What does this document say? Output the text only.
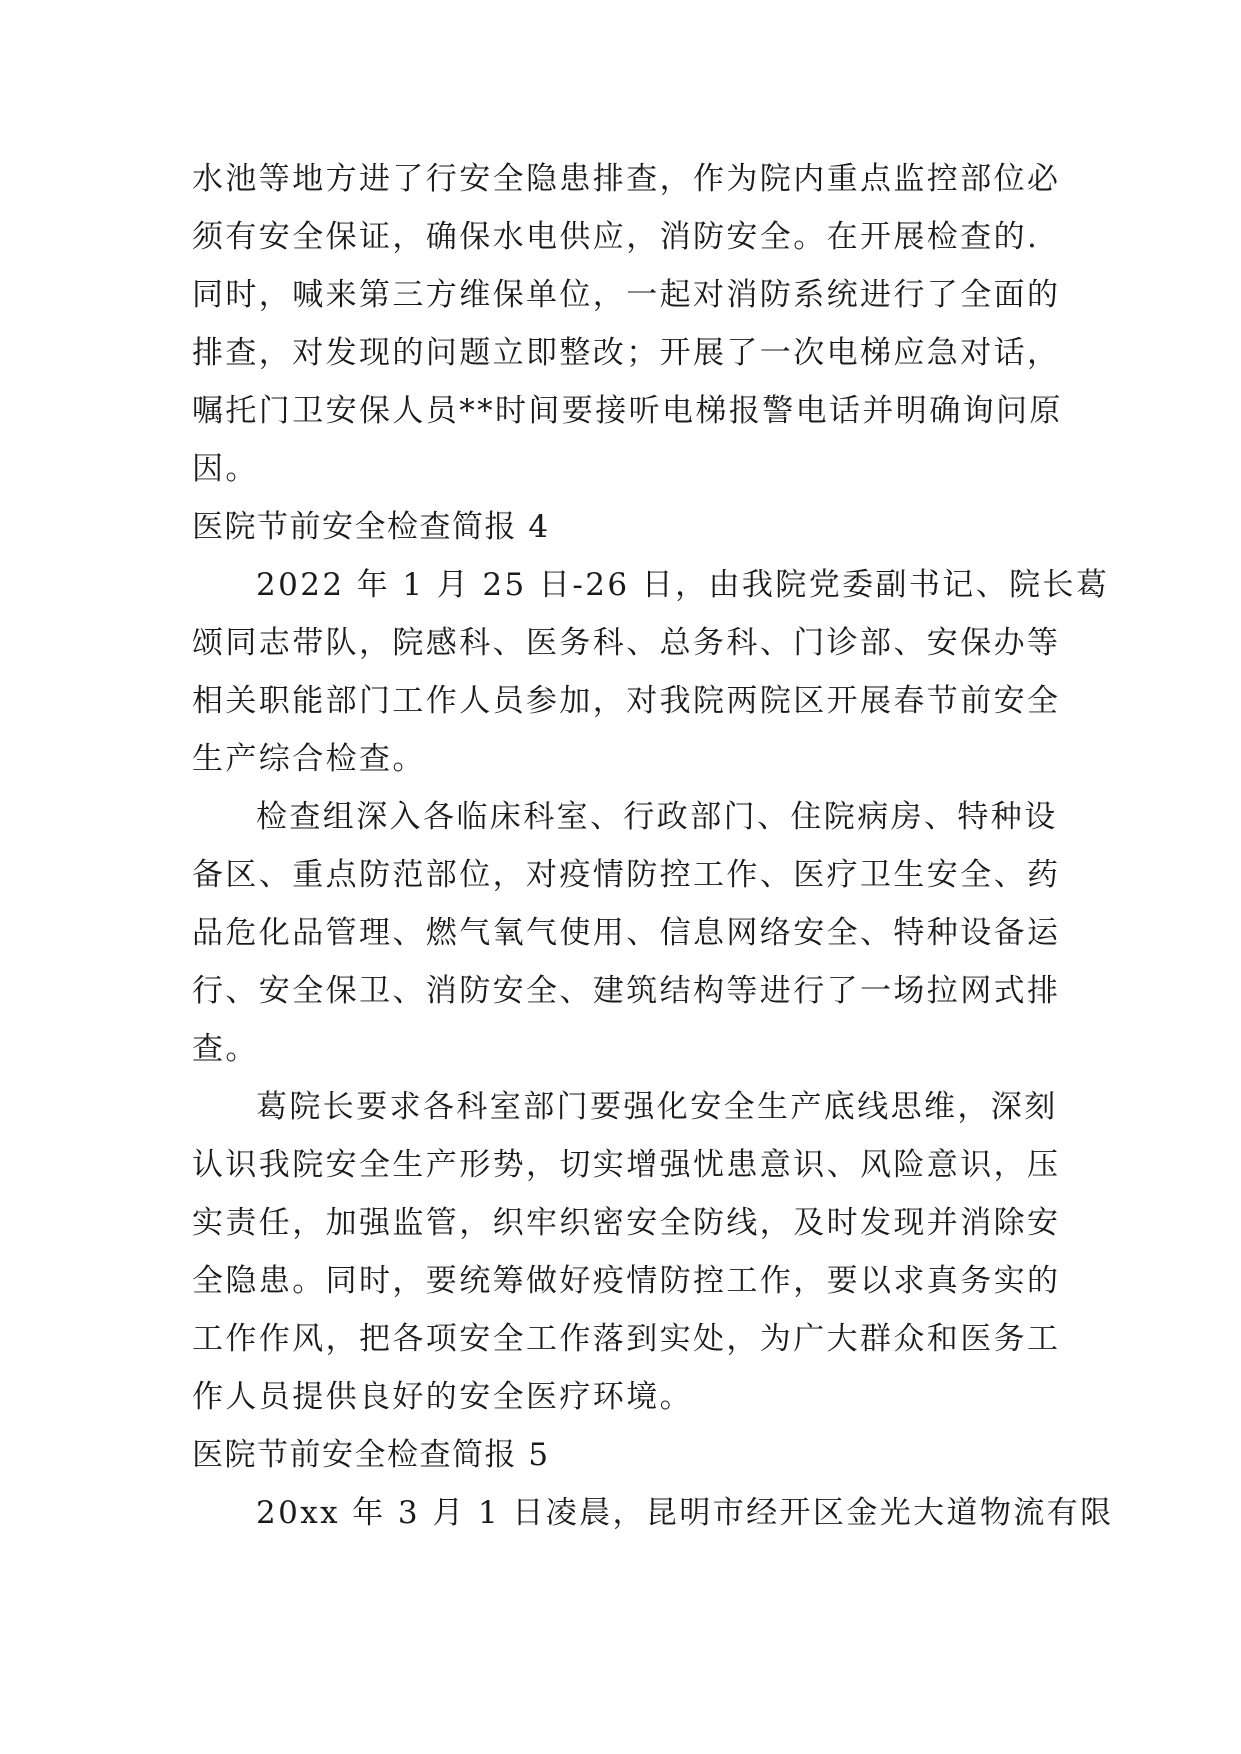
水池等地方进了行安全隐患排查，作为院内重点监控部位必
须有安全保证，确保水电供应，消防安全。在开展检查的.
同时，喊来第三方维保单位，一起对消防系统进行了全面的
排查，对发现的问题立即整改；开展了一次电梯应急对话，
嘱托门卫安保人员**时间要接听电梯报警电话并明确询问原
因。
医院节前安全检查简报 4
2022 年 1 月 25 日-26 日，由我院党委副书记、院长葛
颂同志带队，院感科、医务科、总务科、门诊部、安保办等
相关职能部门工作人员参加，对我院两院区开展春节前安全
生产综合检查。
检查组深入各临床科室、行政部门、住院病房、特种设
备区、重点防范部位，对疫情防控工作、医疗卫生安全、药
品危化品管理、燃气氧气使用、信息网络安全、特种设备运
行、安全保卫、消防安全、建筑结构等进行了一场拉网式排
查。
葛院长要求各科室部门要强化安全生产底线思维，深刻
认识我院安全生产形势，切实增强忧患意识、风险意识，压
实责任，加强监管，织牢织密安全防线，及时发现并消除安
全隐患。同时，要统筹做好疫情防控工作，要以求真务实的
工作作风，把各项安全工作落到实处，为广大群众和医务工
作人员提供良好的安全医疗环境。
医院节前安全检查简报 5
20xx 年 3 月 1 日凌晨，昆明市经开区金光大道物流有限
